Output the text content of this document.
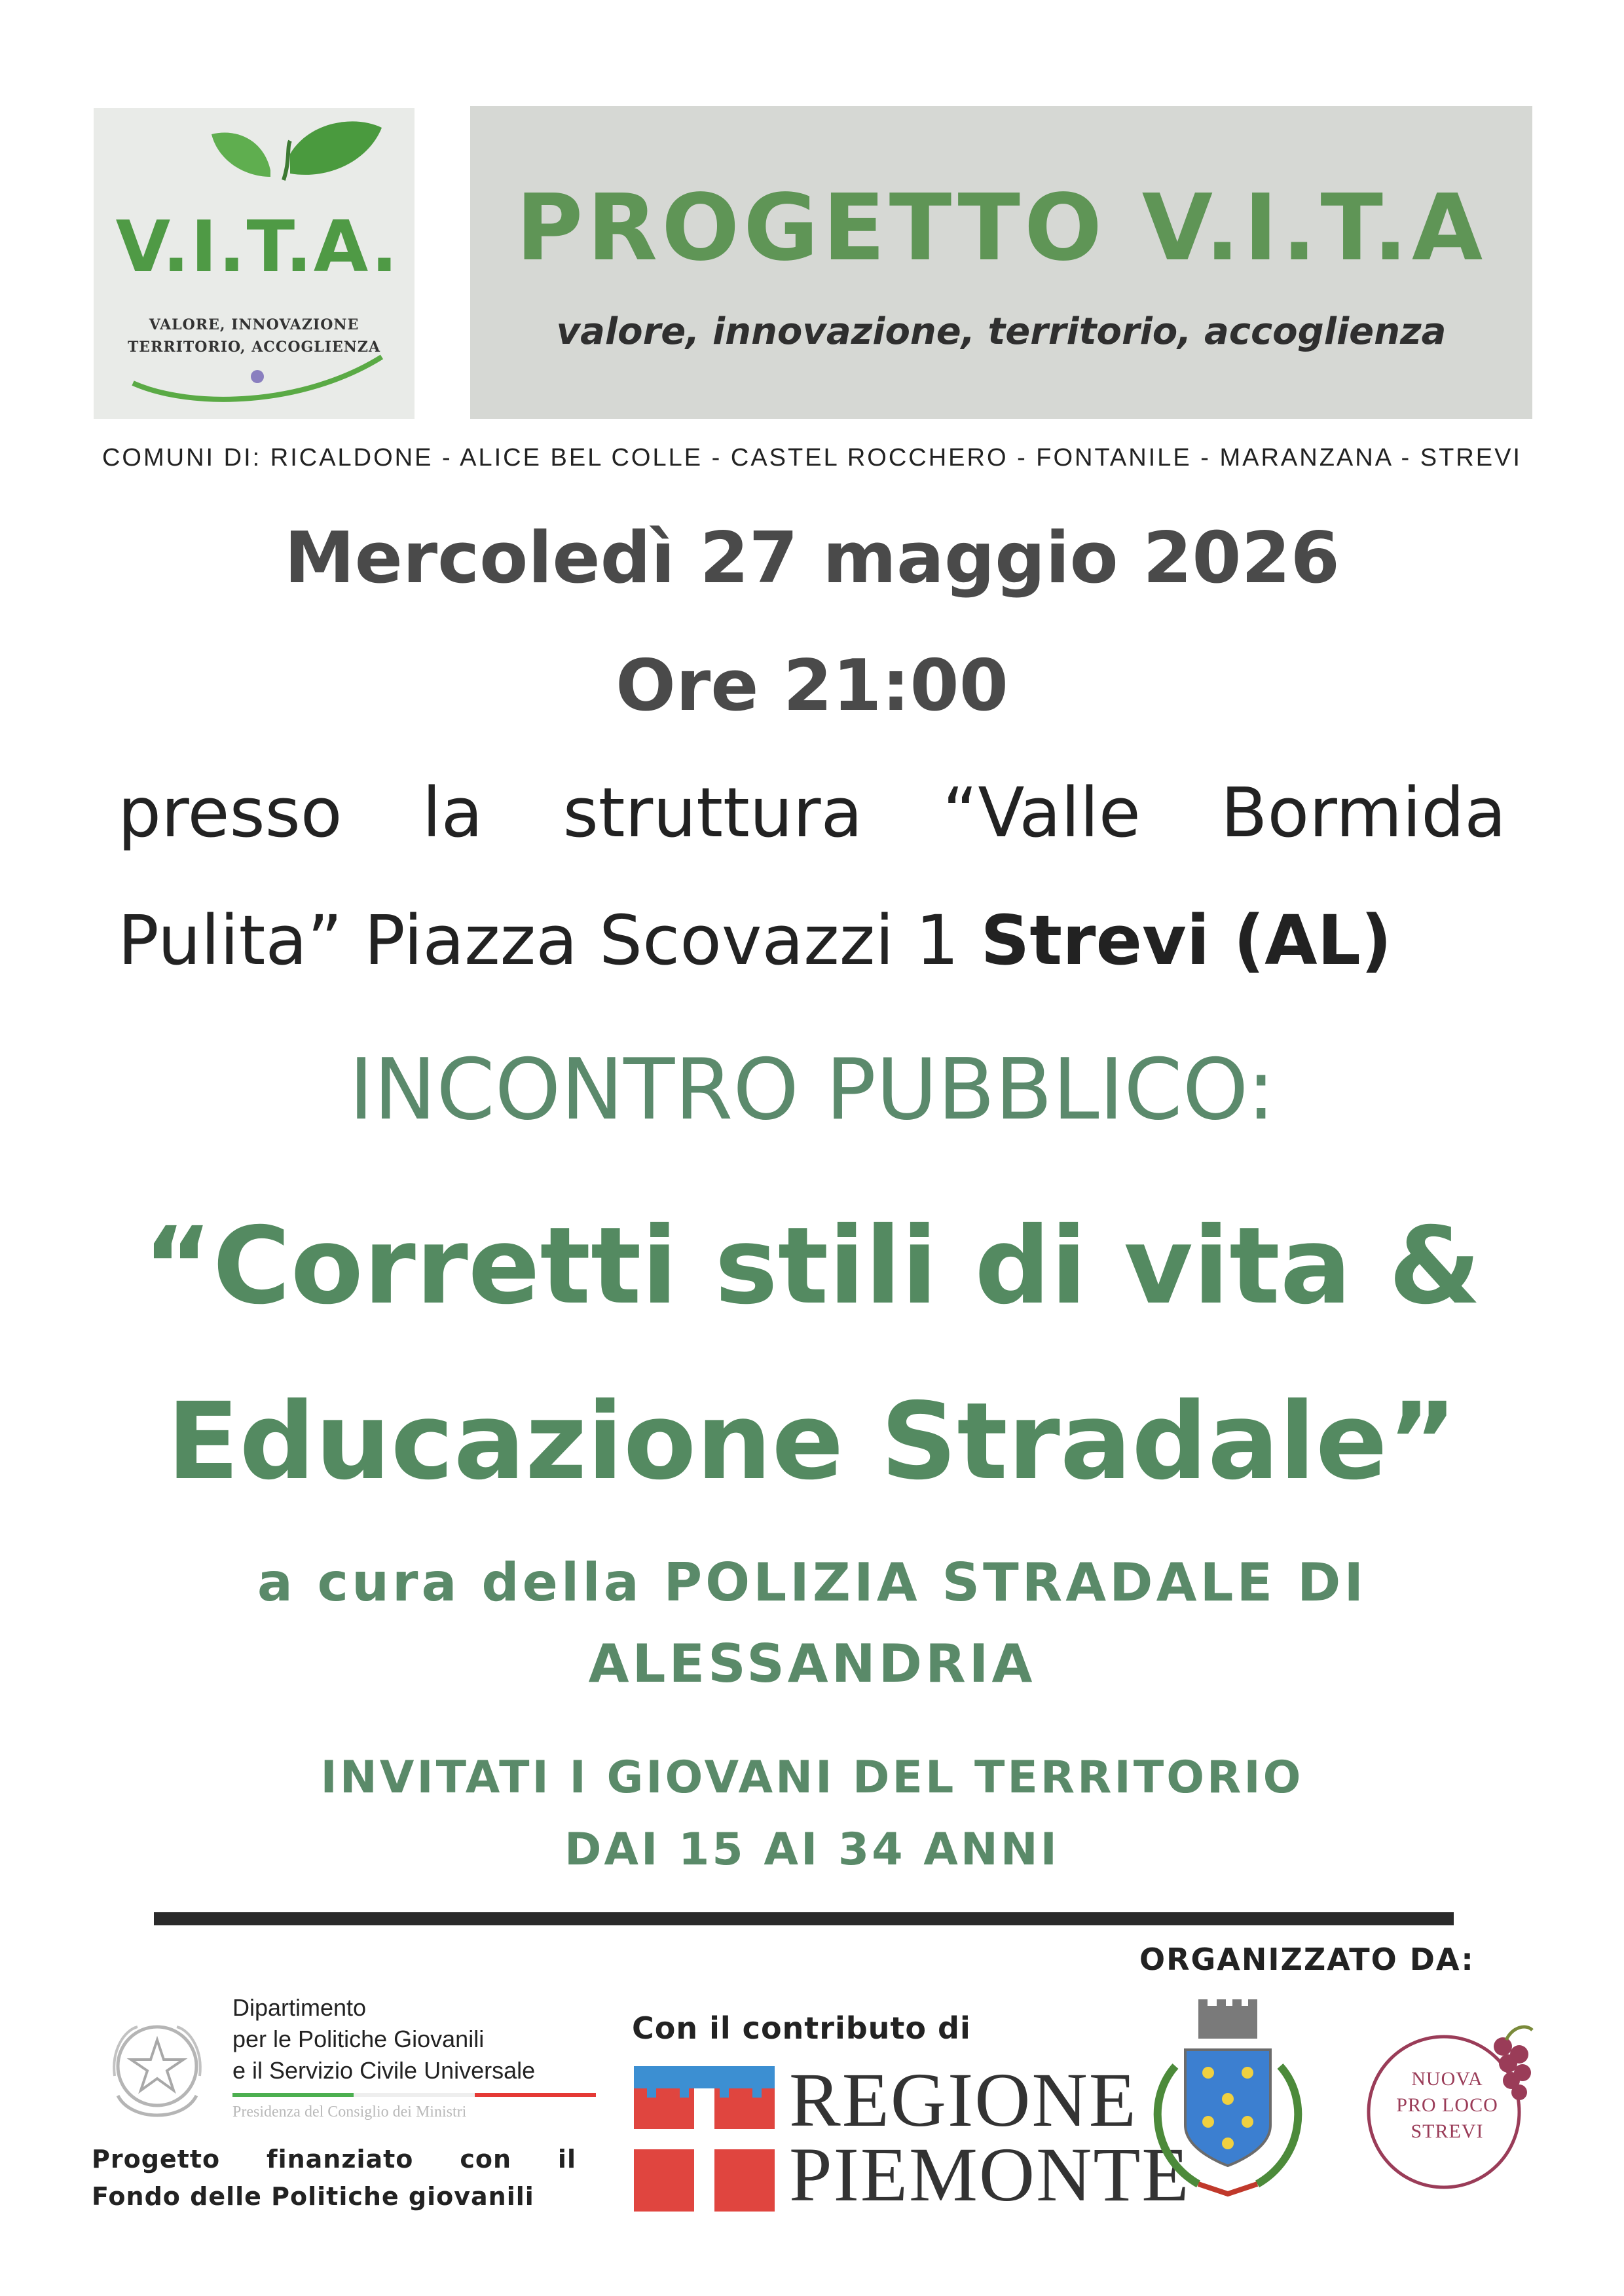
V.I.T.A.
VALORE, INNOVAZIONE
TERRITORIO, ACCOGLIENZA
PROGETTO V.I.T.A
valore, innovazione, territorio, accoglienza
COMUNI DI: RICALDONE - ALICE BEL COLLE - CASTEL ROCCHERO - FONTANILE - MARANZANA - STREVI
Mercoledì 27 maggio 2026
Ore 21:00
presso la struttura “Valle Bormida
Pulita” Piazza Scovazzi 1 Strevi (AL)
INCONTRO PUBBLICO:
“Corretti stili di vita &
Educazione Stradale”
a cura della POLIZIA STRADALE DI
ALESSANDRIA
INVITATI I GIOVANI DEL TERRITORIO
DAI 15 AI 34 ANNI
ORGANIZZATO DA:
Dipartimento
per le Politiche Giovanili
e il Servizio Civile Universale
Presidenza del Consiglio dei Ministri
Progetto finanziato con il
Fondo delle Politiche giovanili
Con il contributo di
REGIONE
PIEMONTE
NUOVA
PRO LOCO
STREVI
